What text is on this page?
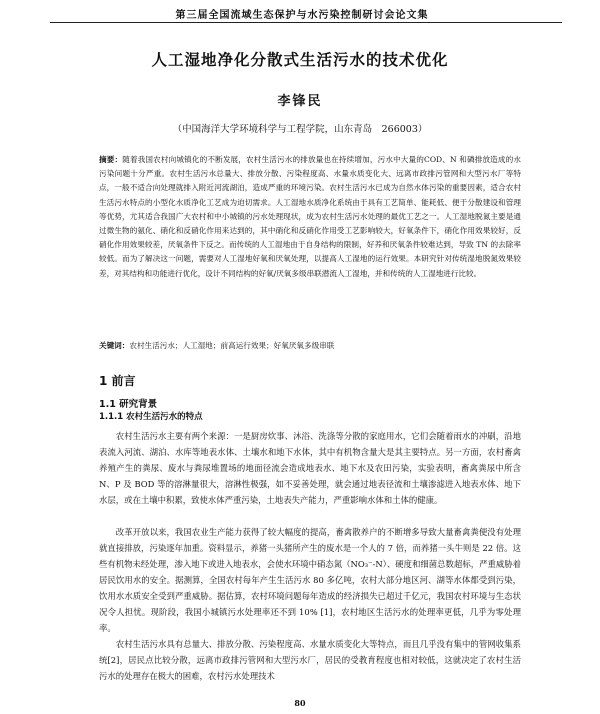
第三届全国流域生态保护与水污染控制研讨会论文集
人工湿地净化分散式生活污水的技术优化
李锋民
（中国海洋大学环境科学与工程学院，山东青岛　266003）
摘要：随着我国农村向城镇化的不断发展，农村生活污水的排放量也在持续增加，污水中大量的COD、N 和磷排放造成的水污染问题十分严重。农村生活污水总量大、排放分散、污染程度高、水量水质变化大、远离市政排污管网和大型污水厂等特点，一般不适合向处理就排入附近河流湖泊，造成严重的环境污染。农村生活污水已成为自然水体污染的重要因素，适合农村生活污水特点的小型化水质净化工艺成为迫切需求。人工湿地水质净化系统由于具有工艺简单、能耗低、便于分散建设和管理等优势，尤其适合我国广大农村和中小城镇的污水处理现状，成为农村生活污水处理的最优工艺之一。人工湿地脱氮主要是通过微生物的氨化、硝化和反硝化作用来达到的，其中硝化和反硝化作用受工艺影响较大，好氧条件下，硝化作用效果较好，反硝化作用效果较差，厌氧条件下反之。而传统的人工湿地由于自身结构的限制，好养和厌氧条件较难达到，导致 TN 的去除率较低。而为了解决这一问题，需要对人工湿地好氧和厌氧处理，以提高人工湿地的运行效果。本研究针对传统湿地脱氮效果较差，对其结构和功能进行优化，设计不同结构的好氧/厌氧多级串联潜流人工湿地，并和传统的人工湿地进行比较。
关键词：农村生活污水；人工湿地；前高运行效果；好氧厌氧多级串联
1 前言
1.1 研究背景
1.1.1 农村生活污水的特点
农村生活污水主要有两个来源：一是厨房炊事、沐浴、洗涤等分散的家庭用水，它们会随着雨水的冲刷，沿地表流入河流、湖泊、水库等地表水体、土壤水和地下水体，其中有机物含量大是其主要特点。另一方面，农村畜禽养殖产生的粪尿、废水与粪尿堆置场的地面径流会造成地表水、地下水及农田污染，实验表明，畜禽粪尿中所含 N、P 及 BOD 等的溶淋量很大，溶淋性极强，如不妥善处理，就会通过地表径流和土壤渗滤进入地表水体、地下水层，或在土壤中积累，致使水体严重污染，土地表失产能力，严重影响水体和土体的健康。
改革开放以来，我国农业生产能力获得了较大幅度的提高，畜禽散养户的不断增多导致大量畜禽粪便没有处理就直接排放，污染逐年加重。资料显示，养猪一头猪所产生的废水是一个人的 7 倍，而养猪一头牛则是 22 倍。这些有机物未经处理，渗入地下或进入地表水，会使水环境中硝态氮（NO₃⁻-N）、硬度和细菌总数超标，严重威胁着居民饮用水的安全。据测算，全国农村每年产生生活污水 80 多亿吨，农村大部分地区河、湖等水体都受到污染，饮用水水质安全受到严重威胁。据估算，农村环境问题每年造成的经济损失已超过千亿元，我国农村环境与生态状况令人担忧。现阶段，我国小城镇污水处理率还不到 10% [1]，农村地区生活污水的处理率更低，几乎为零处理率。
农村生活污水具有总量大、排放分散、污染程度高、水量水质变化大等特点，而且几乎没有集中的管网收集系统[2]，居民点比较分散，远离市政排污管网和大型污水厂，居民的受教育程度也相对较低，这就决定了农村生活污水的处理存在极大的困难，农村污水处理技术
80
